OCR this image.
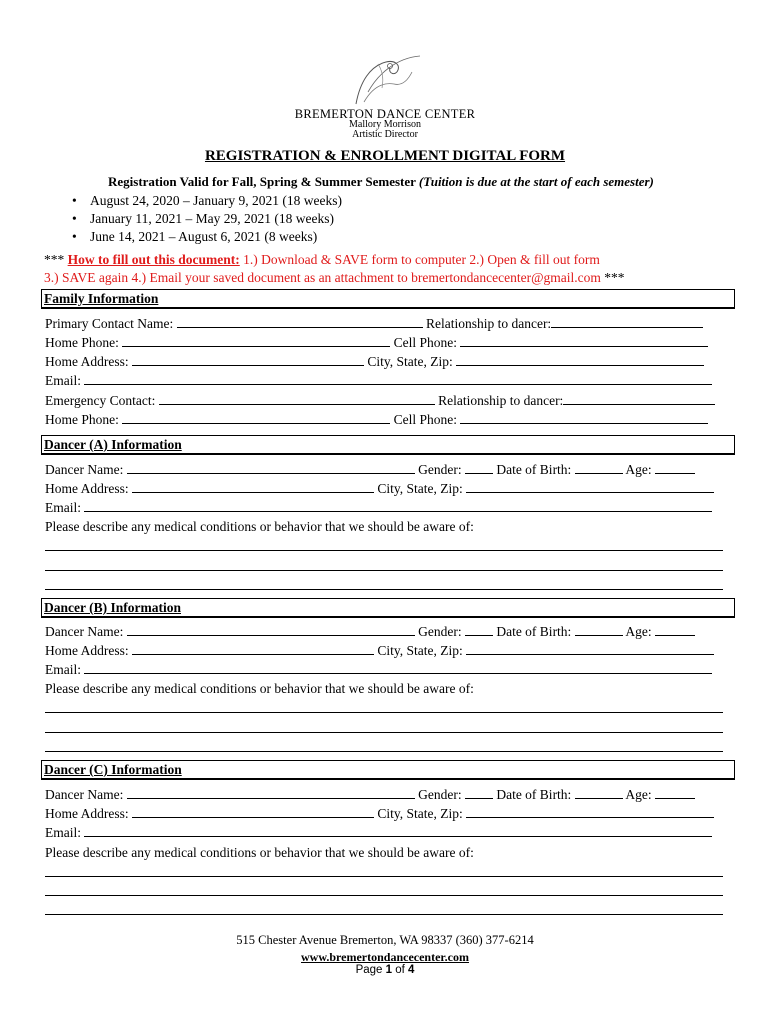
BREMERTON DANCE CENTER
Mallory Morrison
Artistic Director
REGISTRATION & ENROLLMENT DIGITAL FORM
Registration Valid for Fall, Spring & Summer Semester (Tuition is due at the start of each semester)
• August 24, 2020 – January 9, 2021 (18 weeks)
• January 11, 2021 – May 29, 2021 (18 weeks)
• June 14, 2021 – August 6, 2021 (8 weeks)
*** How to fill out this document: 1.) Download & SAVE form to computer 2.) Open & fill out form
3.) SAVE again 4.) Email your saved document as an attachment to bremertondancecenter@gmail.com ***
Family Information
Primary Contact Name:	Relationship to dancer:
Home Phone:	Cell Phone:
Home Address:	City, State, Zip:
Email:
Emergency Contact:	Relationship to dancer:
Home Phone:	Cell Phone:
Dancer (A) Information
Dancer Name:	Gender:	Date of Birth:	Age:
Home Address:	City, State, Zip:
Email:
Please describe any medical conditions or behavior that we should be aware of:
Dancer (B) Information
Dancer Name:	Gender:	Date of Birth:	Age:
Home Address:	City, State, Zip:
Email:
Please describe any medical conditions or behavior that we should be aware of:
Dancer (C) Information
Dancer Name:	Gender:	Date of Birth:	Age:
Home Address:	City, State, Zip:
Email:
Please describe any medical conditions or behavior that we should be aware of:
515 Chester Avenue Bremerton, WA 98337 (360) 377-6214
www.bremertondancecenter.com
Page 1 of 4
